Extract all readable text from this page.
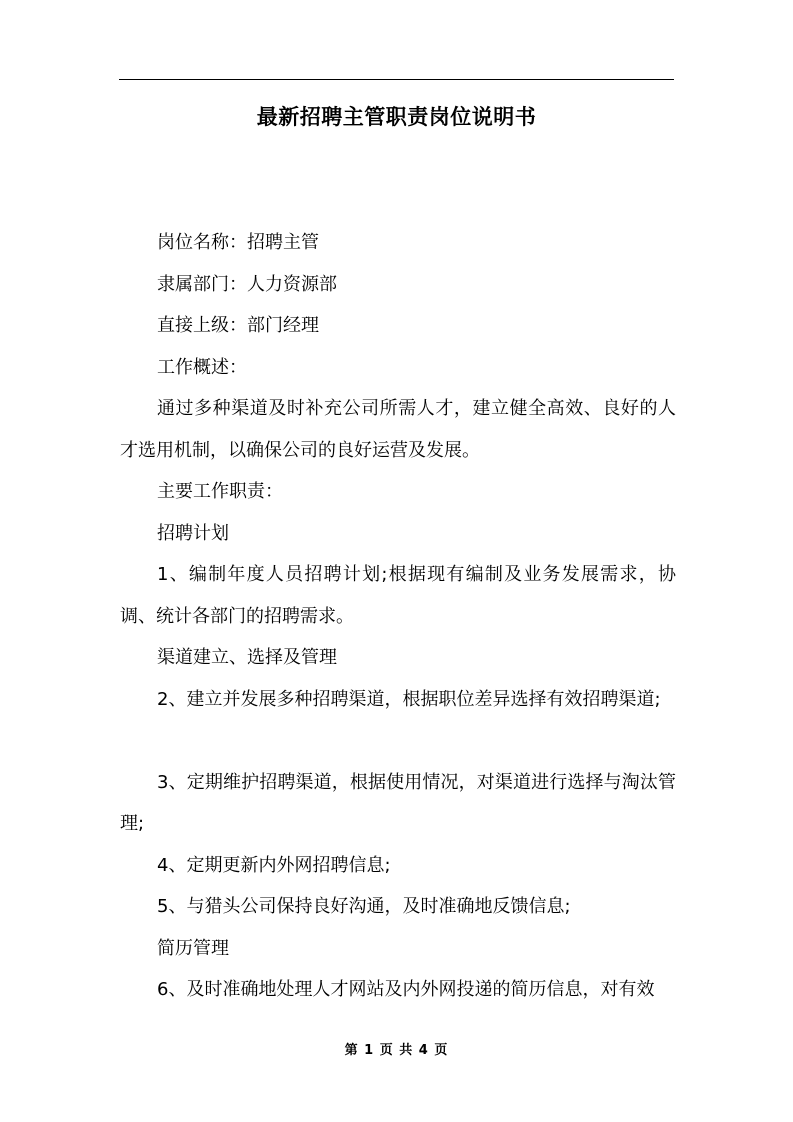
最新招聘主管职责岗位说明书

岗位名称：招聘主管

隶属部门：人力资源部

直接上级：部门经理

工作概述：

通过多种渠道及时补充公司所需人才，建立健全高效、良好的人才选用机制，以确保公司的良好运营及发展。

主要工作职责：

招聘计划

1、编制年度人员招聘计划;根据现有编制及业务发展需求，协调、统计各部门的招聘需求。

渠道建立、选择及管理

2、建立并发展多种招聘渠道，根据职位差异选择有效招聘渠道;

3、定期维护招聘渠道，根据使用情况，对渠道进行选择与淘汰管理;

4、定期更新内外网招聘信息;

5、与猎头公司保持良好沟通，及时准确地反馈信息;

简历管理

6、及时准确地处理人才网站及内外网投递的简历信息，对有效

第 1 页 共 4 页
